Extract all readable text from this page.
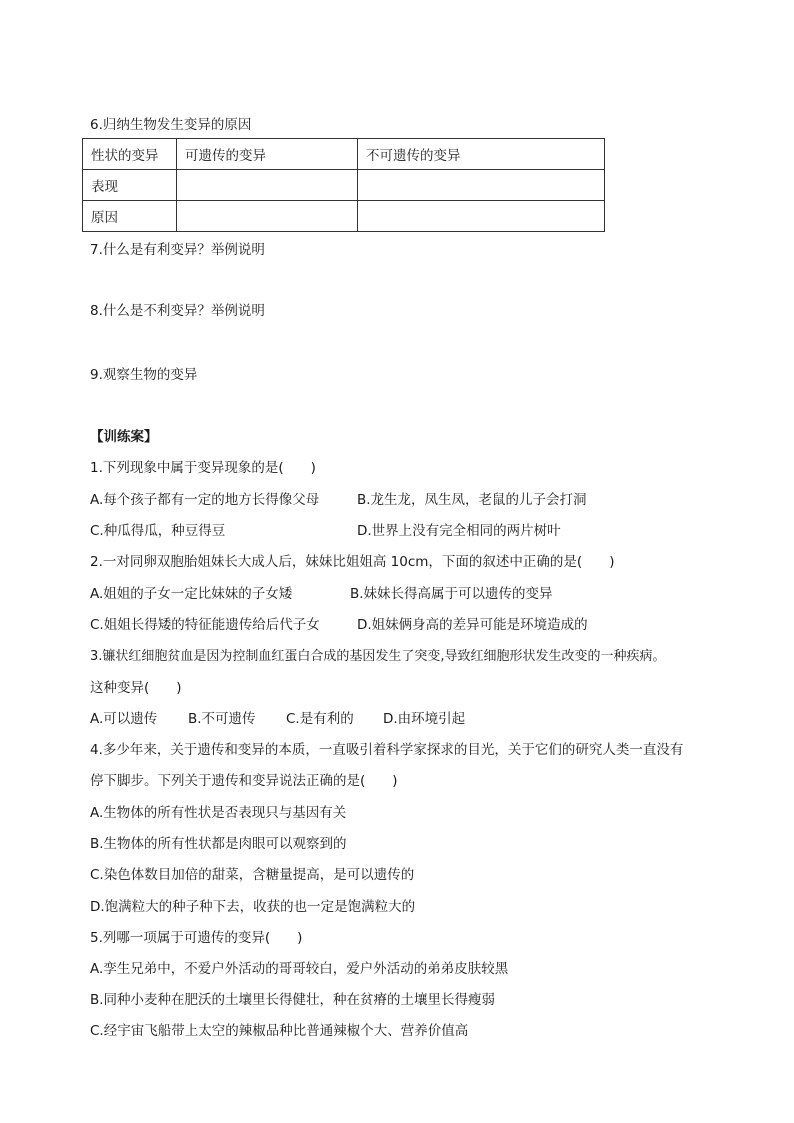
6.归纳生物发生变异的原因
性状的变异	可遗传的变异	不可遗传的变异
表现		
原因		
7.什么是有利变异？举例说明
8.什么是不利变异？举例说明
9.观察生物的变异
【训练案】
1.下列现象中属于变异现象的是(　　)
A.每个孩子都有一定的地方长得像父母	B.龙生龙，凤生凤，老鼠的儿子会打洞
C.种瓜得瓜，种豆得豆	D.世界上没有完全相同的两片树叶
2.一对同卵双胞胎姐妹长大成人后，妹妹比姐姐高 10cm，下面的叙述中正确的是(　　)
A.姐姐的子女一定比妹妹的子女矮	B.妹妹长得高属于可以遗传的变异
C.姐姐长得矮的特征能遗传给后代子女	D.姐妹俩身高的差异可能是环境造成的
3.镰状红细胞贫血是因为控制血红蛋白合成的基因发生了突变,导致红细胞形状发生改变的一种疾病。
这种变异(　　)
A.可以遗传 B.不可遗传 C.是有利的 D.由环境引起
4.多少年来，关于遗传和变异的本质，一直吸引着科学家探求的目光，关于它们的研究人类一直没有
停下脚步。下列关于遗传和变异说法正确的是(　　)
A.生物体的所有性状是否表现只与基因有关
B.生物体的所有性状都是肉眼可以观察到的
C.染色体数目加倍的甜菜，含糖量提高，是可以遗传的
D.饱满粒大的种子种下去，收获的也一定是饱满粒大的
5.列哪一项属于可遗传的变异(　　)
A.孪生兄弟中，不爱户外活动的哥哥较白，爱户外活动的弟弟皮肤较黑
B.同种小麦种在肥沃的土壤里长得健壮，种在贫瘠的土壤里长得瘦弱
C.经宇宙飞船带上太空的辣椒品种比普通辣椒个大、营养价值高
